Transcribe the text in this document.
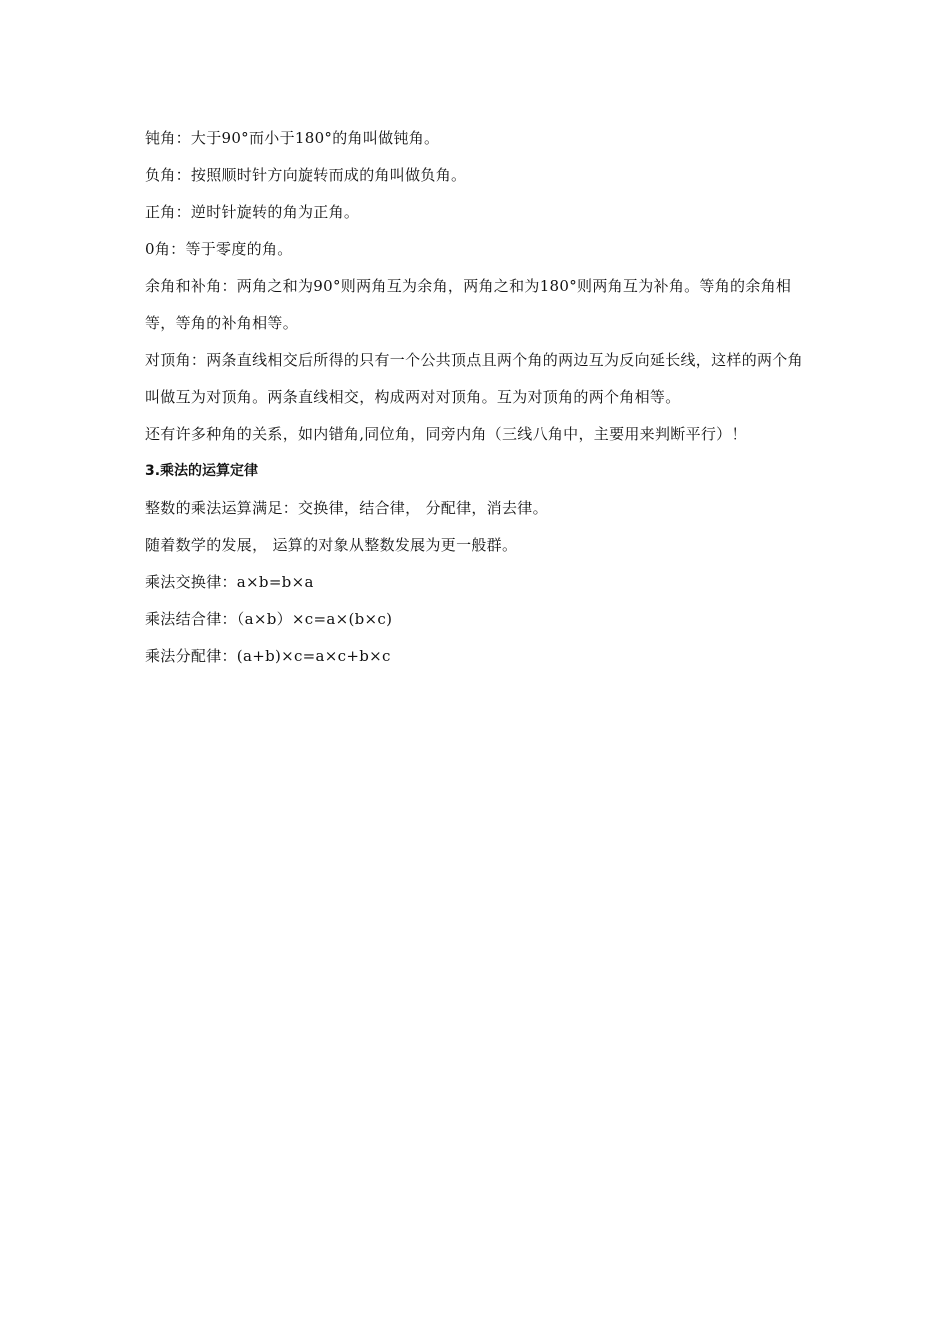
钝角：大于90°而小于180°的角叫做钝角。

负角：按照顺时针方向旋转而成的角叫做负角。

正角：逆时针旋转的角为正角。

0角：等于零度的角。

余角和补角：两角之和为90°则两角互为余角，两角之和为180°则两角互为补角。等角的余角相等，等角的补角相等。

对顶角：两条直线相交后所得的只有一个公共顶点且两个角的两边互为反向延长线，这样的两个角叫做互为对顶角。两条直线相交，构成两对对顶角。互为对顶角的两个角相等。

还有许多种角的关系，如内错角,同位角，同旁内角（三线八角中，主要用来判断平行）！

3.乘法的运算定律

整数的乘法运算满足：交换律，结合律， 分配律，消去律。

随着数学的发展， 运算的对象从整数发展为更一般群。

乘法交换律：a×b=b×a

乘法结合律：（a×b）×c=a×(b×c)

乘法分配律：(a+b)×c=a×c+b×c
